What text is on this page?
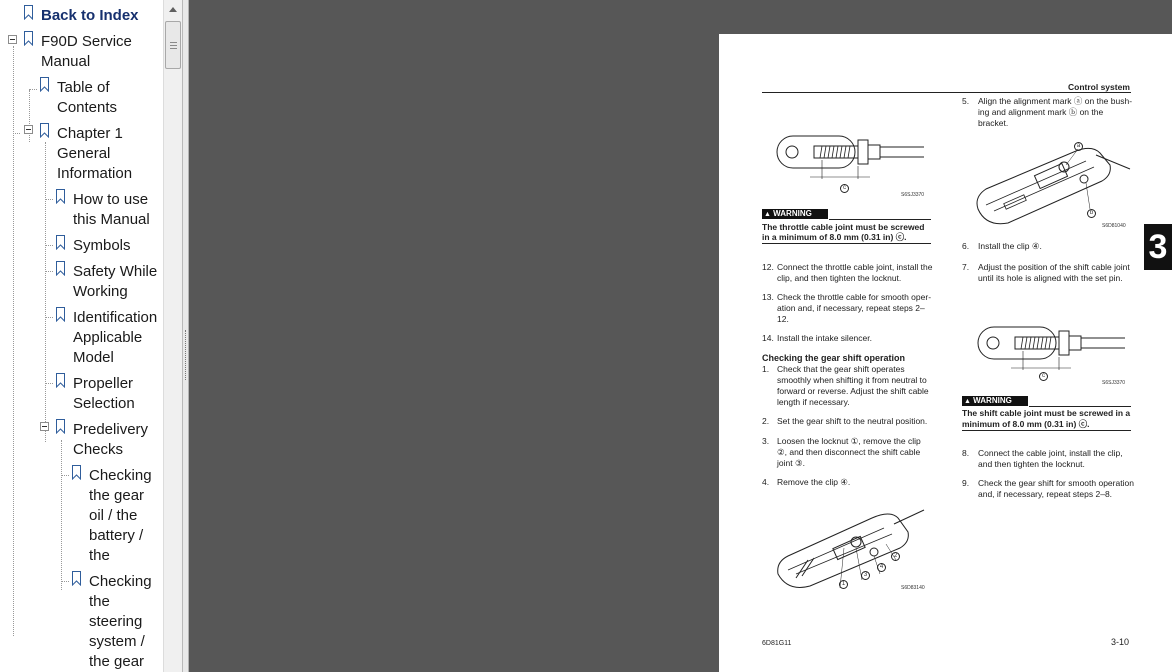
Back to Index
F90D Service
Manual
Table of
Contents
Chapter 1
General
Information
How to use
this Manual
Symbols
Safety While
Working
Identification
Applicable
Model
Propeller
Selection
Predelivery
Checks
Checking
the gear
oil / the
battery /
the
Checking
the
steering
system /
the gear
Control system
3
c
S6SJ3370
▲ WARNING
The throttle cable joint must be screwed
in a minimum of 8.0 mm (0.31 in) ⓒ.
12. Connect the throttle cable joint, install the
clip, and then tighten the locknut.
13. Check the throttle cable for smooth oper-
ation and, if necessary, repeat steps 2–
12.
14. Install the intake silencer.
Checking the gear shift operation
1. Check that the gear shift operates
smoothly when shifting it from neutral to
forward or reverse. Adjust the shift cable
length if necessary.
2. Set the gear shift to the neutral position.
3. Loosen the locknut ①, remove the clip
②, and then disconnect the shift cable
joint ③.
4. Remove the clip ④.
1
2
3
4
S6D83140
5. Align the alignment mark ⓐ on the bush-
ing and alignment mark ⓑ on the
bracket.
a
b
S6D81040
6. Install the clip ④.
7. Adjust the position of the shift cable joint
until its hole is aligned with the set pin.
c
S6SJ3370
▲ WARNING
The shift cable joint must be screwed in a
minimum of 8.0 mm (0.31 in) ⓒ.
8. Connect the cable joint, install the clip,
and then tighten the locknut.
9. Check the gear shift for smooth operation
and, if necessary, repeat steps 2–8.
6D81G11	3-10
